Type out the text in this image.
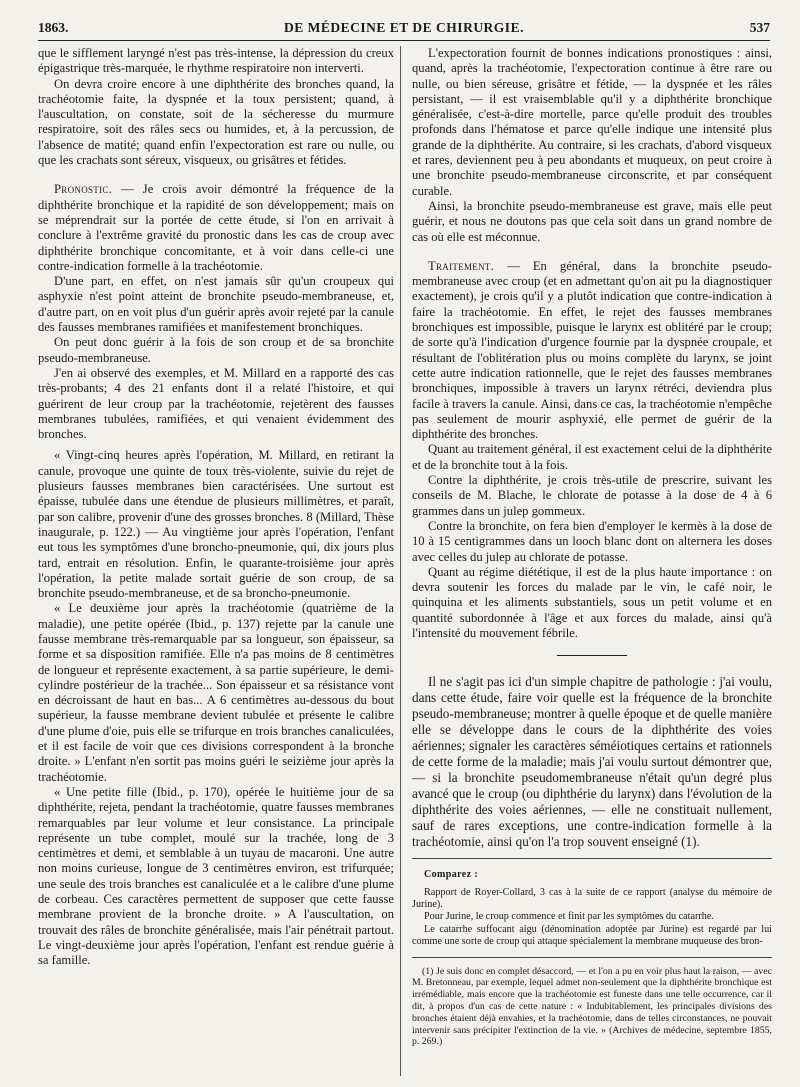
1863.	DE MÉDECINE ET DE CHIRURGIE.	537

que le sifflement laryngé n'est pas très-intense, la dépression du creux épigastrique très-marquée, le rhythme respiratoire non interverti.

On devra croire encore à une diphthérite des bronches quand, la trachéotomie faite, la dyspnée et la toux persistent; quand, à l'auscultation, on constate, soit de la sécheresse du murmure respiratoire, soit des râles secs ou humides, et, à la percussion, de l'absence de matité; quand enfin l'expectoration est rare ou nulle, ou que les crachats sont séreux, visqueux, ou grisâtres et fétides.

Pronostic. — Je crois avoir démontré la fréquence de la diphthérite bronchique et la rapidité de son développement; mais on se méprendrait sur la portée de cette étude, si l'on en arrivait à conclure à l'extrême gravité du pronostic dans les cas de croup avec diphthérite bronchique concomitante, et à voir dans celle-ci une contre-indication formelle à la trachéotomie.

D'une part, en effet, on n'est jamais sûr qu'un croupeux qui asphyxie n'est point atteint de bronchite pseudo-membraneuse, et, d'autre part, on en voit plus d'un guérir après avoir rejeté par la canule des fausses membranes ramifiées et manifestement bronchiques.

On peut donc guérir à la fois de son croup et de sa bronchite pseudo-membraneuse.

J'en ai observé des exemples, et M. Millard en a rapporté des cas très-probants; 4 des 21 enfants dont il a relaté l'histoire, et qui guérirent de leur croup par la trachéotomie, rejetèrent des fausses membranes tubulées, ramifiées, et qui venaient évidemment des bronches.

« Vingt-cinq heures après l'opération, M. Millard, en retirant la canule, provoque une quinte de toux très-violente, suivie du rejet de plusieurs fausses membranes bien caractérisées. Une surtout est épaisse, tubulée dans une étendue de plusieurs millimètres, et paraît, par son calibre, provenir d'une des grosses bronches. 8 (Millard, Thèse inaugurale, p. 122.) — Au vingtième jour après l'opération, l'enfant eut tous les symptômes d'une broncho-pneumonie, qui, dix jours plus tard, entrait en résolution. Enfin, le quarante-troisième jour après l'opération, la petite malade sortait guérie de son croup, de sa bronchite pseudo-membraneuse, et de sa broncho-pneumonie.

« Le deuxième jour après la trachéotomie (quatrième de la maladie), une petite opérée (Ibid., p. 137) rejette par la canule une fausse membrane très-remarquable par sa longueur, son épaisseur, sa forme et sa disposition ramifiée. Elle n'a pas moins de 8 centimètres de longueur et représente exactement, à sa partie supérieure, le demi-cylindre postérieur de la trachée... Son épaisseur et sa résistance vont en décroissant de haut en bas... A 6 centimètres au-dessous du bout supérieur, la fausse membrane devient tubulée et présente le calibre d'une plume d'oie, puis elle se trifurque en trois branches canaliculées, et il est facile de voir que ces divisions correspondent à la bronche droite. » L'enfant n'en sortit pas moins guéri le seizième jour après la trachéotomie.

« Une petite fille (Ibid., p. 170), opérée le huitième jour de sa diphthérite, rejeta, pendant la trachéotomie, quatre fausses membranes remarquables par leur volume et leur consistance. La principale représente un tube complet, moulé sur la trachée, long de 3 centimètres et demi, et semblable à un tuyau de macaroni. Une autre non moins curieuse, longue de 3 centimètres environ, est trifurquée; une seule des trois branches est canaliculée et a le calibre d'une plume de corbeau. Ces caractères permettent de supposer que cette fausse membrane provient de la bronche droite. » A l'auscultation, on trouvait des râles de bronchite généralisée, mais l'air pénétrait partout. Le vingt-deuxième jour après l'opération, l'enfant est rendue guérie à sa famille.

L'expectoration fournit de bonnes indications pronostiques : ainsi, quand, après la trachéotomie, l'expectoration continue à être rare ou nulle, ou bien séreuse, grisâtre et fétide, — la dyspnée et les râles persistant, — il est vraisemblable qu'il y a diphthérite bronchique généralisée, c'est-à-dire mortelle, parce qu'elle produit des troubles profonds dans l'hématose et parce qu'elle indique une intensité plus grande de la diphthérite. Au contraire, si les crachats, d'abord visqueux et rares, deviennent peu à peu abondants et muqueux, on peut croire à une bronchite pseudo-membraneuse circonscrite, et par conséquent curable.

Ainsi, la bronchite pseudo-membraneuse est grave, mais elle peut guérir, et nous ne doutons pas que cela soit dans un grand nombre de cas où elle est méconnue.

Traitement. — En général, dans la bronchite pseudo-membraneuse avec croup (et en admettant qu'on ait pu la diagnostiquer exactement), je crois qu'il y a plutôt indication que contre-indication à faire la trachéotomie. En effet, le rejet des fausses membranes bronchiques est impossible, puisque le larynx est oblitéré par le croup; de sorte qu'à l'indication d'urgence fournie par la dyspnée croupale, et résultant de l'oblitération plus ou moins complète du larynx, se joint cette autre indication rationnelle, que le rejet des fausses membranes bronchiques, impossible à travers un larynx rétréci, deviendra plus facile à travers la canule. Ainsi, dans ce cas, la trachéotomie n'empêche pas seulement de mourir asphyxié, elle permet de guérir de la diphthérite des bronches.

Quant au traitement général, il est exactement celui de la diphthérite et de la bronchite tout à la fois.

Contre la diphthérite, je crois très-utile de prescrire, suivant les conseils de M. Blache, le chlorate de potasse à la dose de 4 à 6 grammes dans un julep gommeux.

Contre la bronchite, on fera bien d'employer le kermès à la dose de 10 à 15 centigrammes dans un looch blanc dont on alternera les doses avec celles du julep au chlorate de potasse.

Quant au régime diététique, il est de la plus haute importance : on devra soutenir les forces du malade par le vin, le café noir, le quinquina et les aliments substantiels, sous un petit volume et en quantité subordonnée à l'âge et aux forces du malade, ainsi qu'à l'intensité du mouvement fébrile.

Il ne s'agit pas ici d'un simple chapitre de pathologie : j'ai voulu, dans cette étude, faire voir quelle est la fréquence de la bronchite pseudo-membraneuse; montrer à quelle époque et de quelle manière elle se développe dans le cours de la diphthérite des voies aériennes; signaler les caractères séméiotiques certains et rationnels de cette forme de la maladie; mais j'ai voulu surtout démontrer que, — si la bronchite pseudomembraneuse n'était qu'un degré plus avancé que le croup (ou diphthérie du larynx) dans l'évolution de la diphthérite des voies aériennes, — elle ne constituait nullement, sauf de rares exceptions, une contre-indication formelle à la trachéotomie, ainsi qu'on l'a trop souvent enseigné (1).

Comparez :

Rapport de Royer-Collard, 3 cas à la suite de ce rapport (analyse du mémoire de Jurine).

Pour Jurine, le croup commence et finit par les symptômes du catarrhe.

Le catarrhe suffocant aigu (dénomination adoptée par Jurine) est regardé par lui comme une sorte de croup qui attaque spécialement la membrane muqueuse des bron-

(1) Je suis donc en complet désaccord, — et l'on a pu en voir plus haut la raison, — avec M. Bretonneau, par exemple, lequel admet non-seulement que la diphthérite bronchique est irrémédiable, mais encore que la trachéotomie est funeste dans une telle occurrence, car il dit, à propos d'un cas de cette nature : « Indubitablement, les principales divisions des bronches étaient déjà envahies, et la trachéotomie, dans de telles circonstances, ne pouvait intervenir sans précipiter l'extinction de la vie. » (Archives de médecine, septembre 1855, p. 269.)
